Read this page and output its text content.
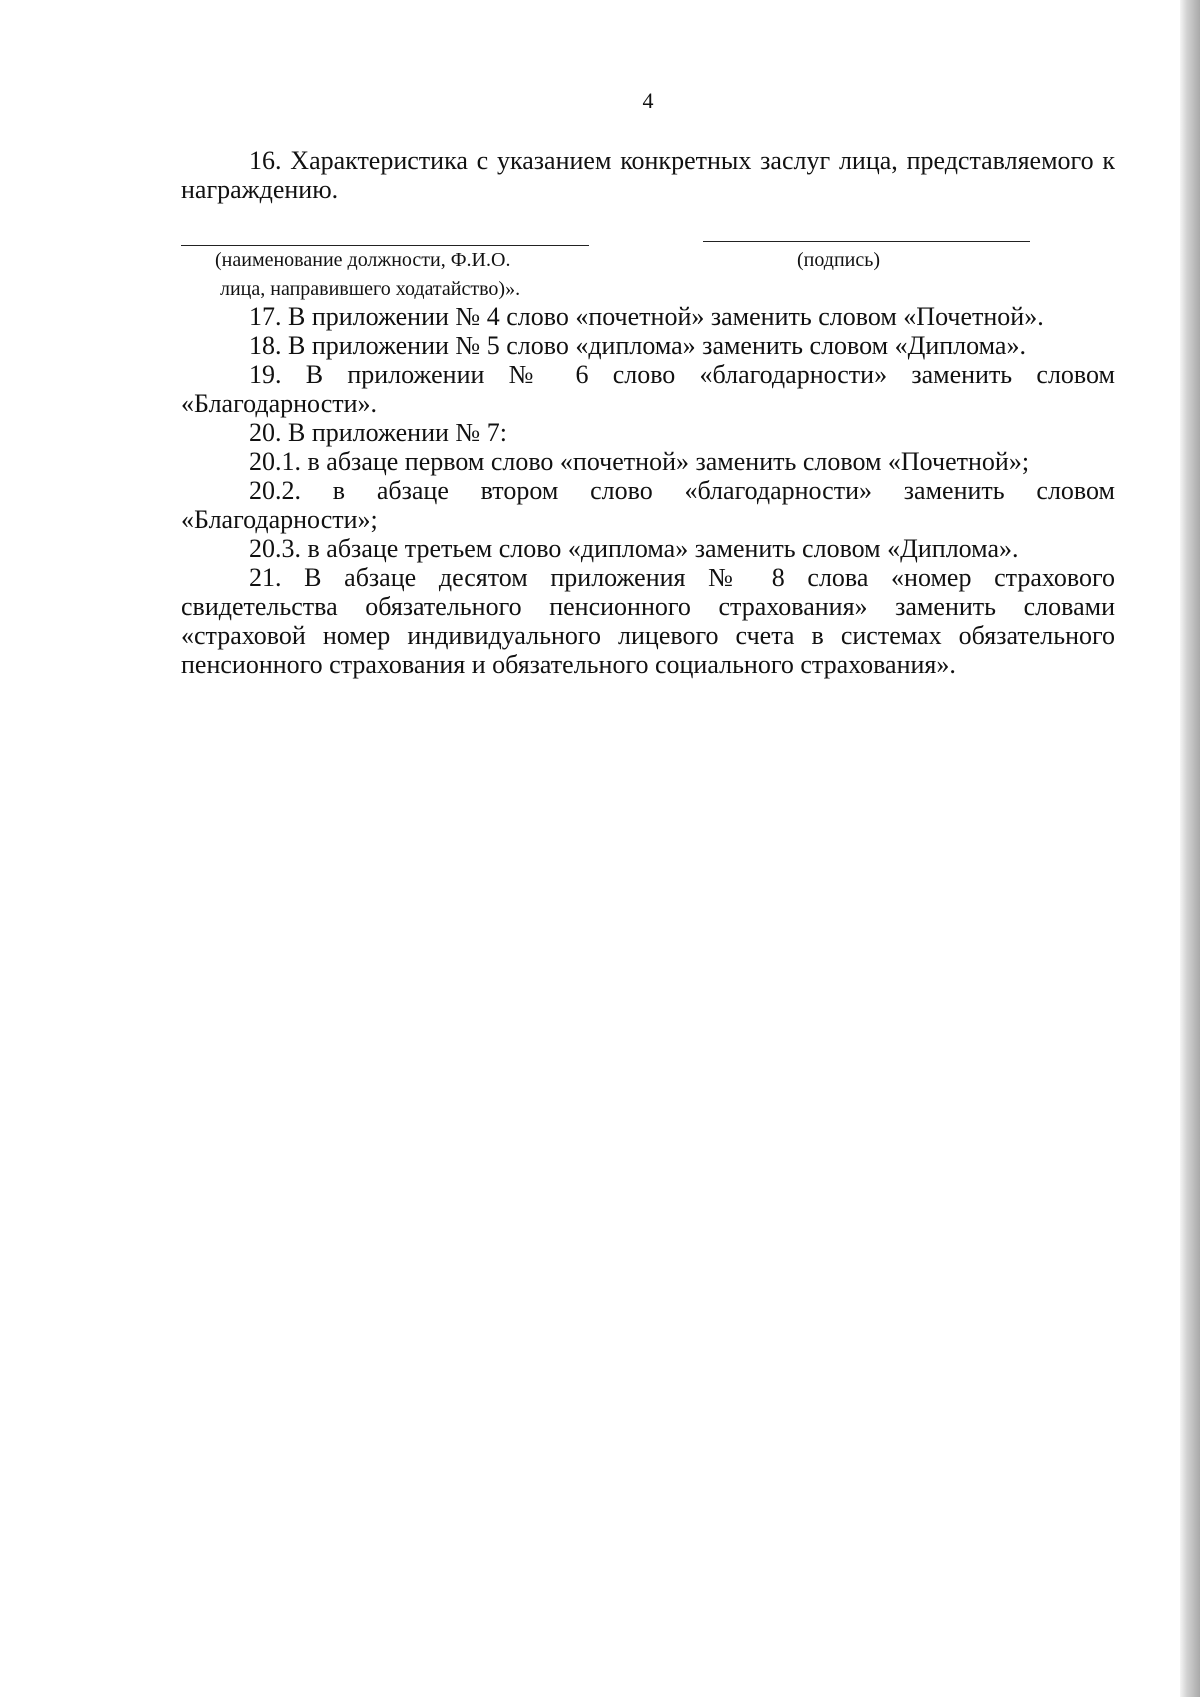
4

16. Характеристика с указанием конкретных заслуг лица, представляемого к награждению.

(наименование должности, Ф.И.О.
лица, направившего ходатайство)».
(подпись)

17. В приложении № 4 слово «почетной» заменить словом «Почетной».

18. В приложении № 5 слово «диплома» заменить словом «Диплома».

19. В приложении № 6 слово «благодарности» заменить словом «Благодарности».

20. В приложении № 7:

20.1. в абзаце первом слово «почетной» заменить словом «Почетной»;

20.2. в абзаце втором слово «благодарности» заменить словом «Благодарности»;

20.3. в абзаце третьем слово «диплома» заменить словом «Диплома».

21. В абзаце десятом приложения № 8 слова «номер страхового свидетельства обязательного пенсионного страхования» заменить словами «страховой номер индивидуального лицевого счета в системах обязательного пенсионного страхования и обязательного социального страхования».
